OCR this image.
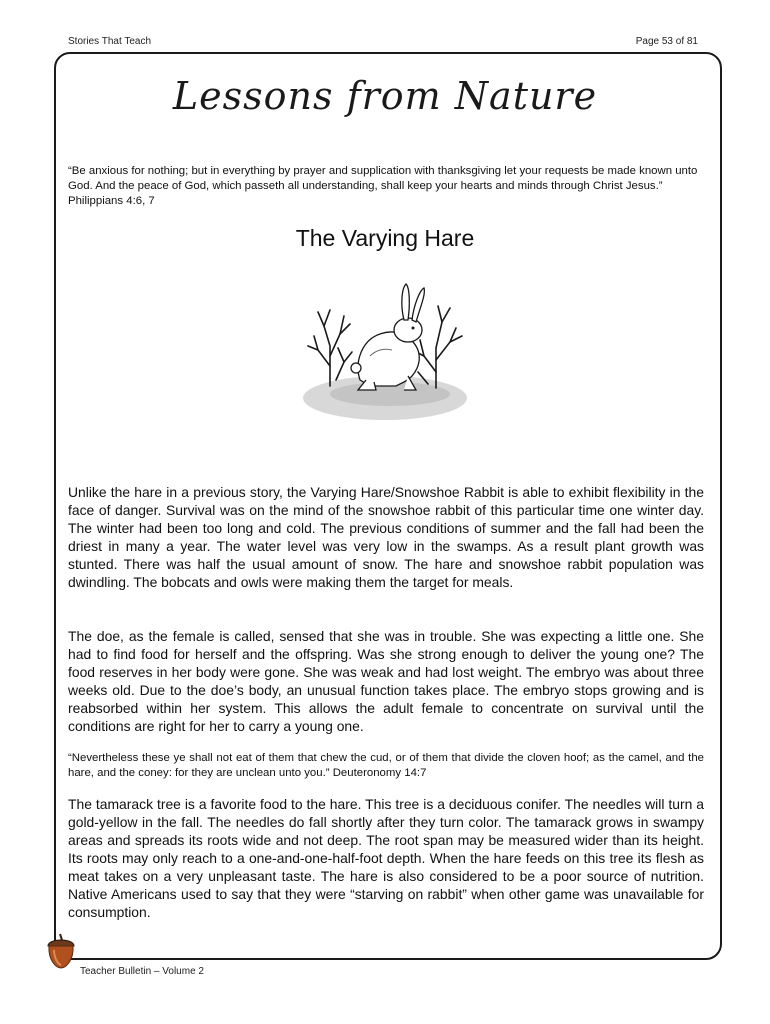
Stories That Teach	Page 53 of 81
Lessons from Nature
“Be anxious for nothing; but in everything by prayer and supplication with thanksgiving let your requests be made known unto God. And the peace of God, which passeth all understanding, shall keep your hearts and minds through Christ Jesus.” Philippians 4:6, 7
The Varying Hare
Unlike the hare in a previous story, the Varying Hare/Snowshoe Rabbit is able to exhibit flexibility in the face of danger. Survival was on the mind of the snowshoe rabbit of this particular time one winter day. The winter had been too long and cold. The previous conditions of summer and the fall had been the driest in many a year. The water level was very low in the swamps. As a result plant growth was stunted. There was half the usual amount of snow. The hare and snowshoe rabbit population was dwindling. The bobcats and owls were making them the target for meals.
The doe, as the female is called, sensed that she was in trouble. She was expecting a little one. She had to find food for herself and the offspring. Was she strong enough to deliver the young one? The food reserves in her body were gone. She was weak and had lost weight. The embryo was about three weeks old. Due to the doe’s body, an unusual function takes place. The embryo stops growing and is reabsorbed within her system. This allows the adult female to concentrate on survival until the conditions are right for her to carry a young one.
“Nevertheless these ye shall not eat of them that chew the cud, or of them that divide the cloven hoof; as the camel, and the hare, and the coney: for they are unclean unto you.” Deuteronomy 14:7
The tamarack tree is a favorite food to the hare. This tree is a deciduous conifer. The needles will turn a gold-yellow in the fall. The needles do fall shortly after they turn color. The tamarack grows in swampy areas and spreads its roots wide and not deep. The root span may be measured wider than its height. Its roots may only reach to a one-and-one-half-foot depth. When the hare feeds on this tree its flesh as meat takes on a very unpleasant taste. The hare is also considered to be a poor source of nutrition. Native Americans used to say that they were “starving on rabbit” when other game was unavailable for consumption.
Teacher Bulletin – Volume 2
